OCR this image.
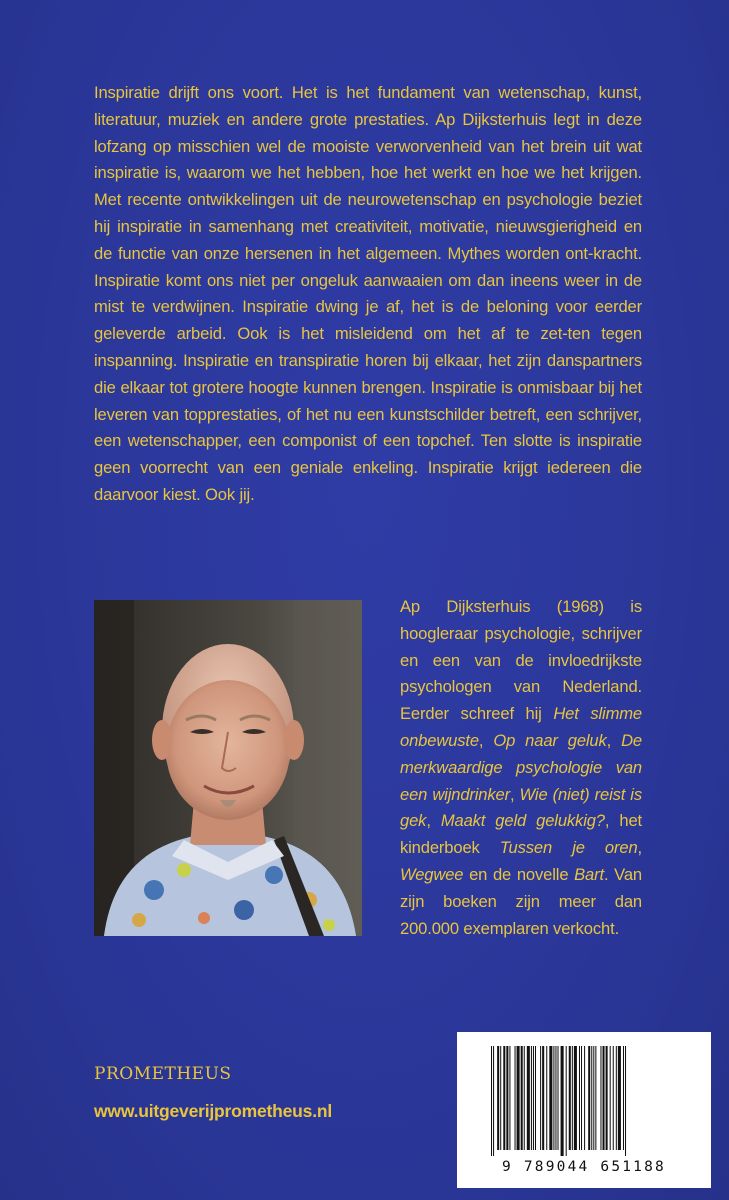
Inspiratie drijft ons voort. Het is het fundament van wetenschap, kunst, literatuur, muziek en andere grote prestaties. Ap Dijksterhuis legt in deze lofzang op misschien wel de mooiste verworvenheid van het brein uit wat inspiratie is, waarom we het hebben, hoe het werkt en hoe we het krijgen. Met recente ontwikkelingen uit de neurowetenschap en psychologie beziet hij inspiratie in samenhang met creativiteit, motivatie, nieuwsgierigheid en de functie van onze hersenen in het algemeen. Mythes worden ont-kracht. Inspiratie komt ons niet per ongeluk aanwaaien om dan ineens weer in de mist te verdwijnen. Inspiratie dwing je af, het is de beloning voor eerder geleverde arbeid. Ook is het misleidend om het af te zet-ten tegen inspanning. Inspiratie en transpiratie horen bij elkaar, het zijn danspartners die elkaar tot grotere hoogte kunnen brengen. Inspiratie is onmisbaar bij het leveren van topprestaties, of het nu een kunstschilder betreft, een schrijver, een wetenschapper, een componist of een topchef. Ten slotte is inspiratie geen voorrecht van een geniale enkeling. Inspiratie krijgt iedereen die daarvoor kiest. Ook jij.

Ap Dijksterhuis (1968) is hoogleraar psychologie, schrijver en een van de invloedrijkste psychologen van Nederland. Eerder schreef hij Het slimme onbewuste, Op naar geluk, De merkwaardige psychologie van een wijndrinker, Wie (niet) reist is gek, Maakt geld gelukkig?, het kinderboek Tussen je oren, Wegwee en de novelle Bart. Van zijn boeken zijn meer dan 200.000 exemplaren verkocht.

PROMETHEUS
www.uitgeverijprometheus.nl
9 789044 651188
